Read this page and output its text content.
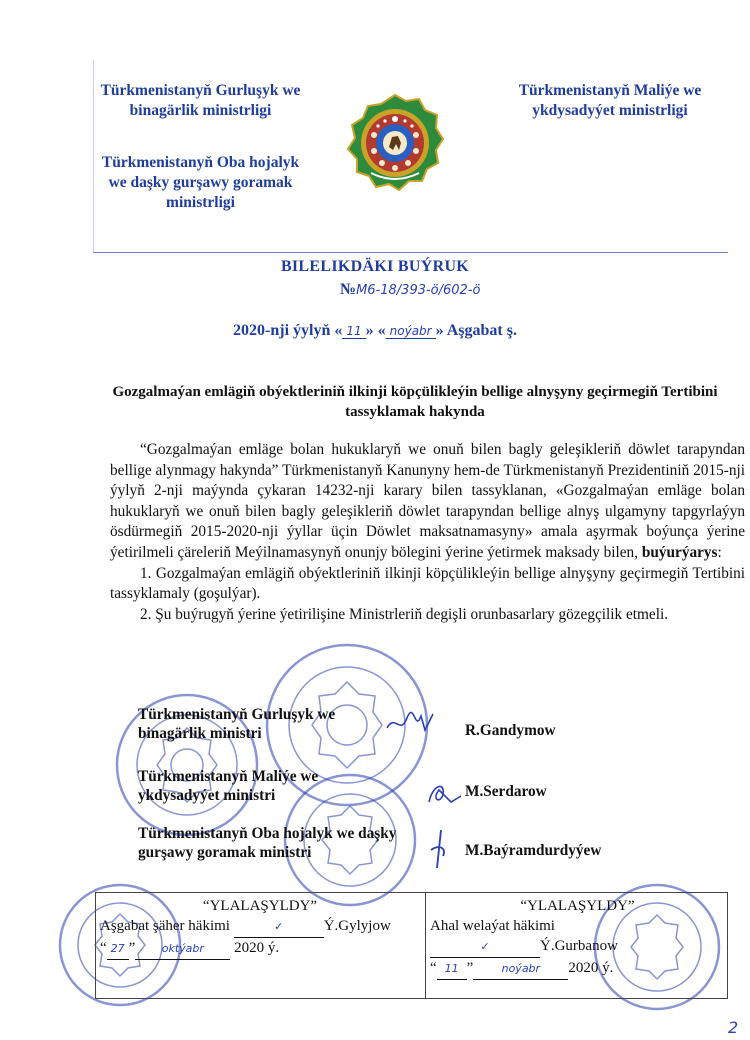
Türkmenistanyň Gurluşyk we binagärlik ministrligi
Türkmenistanyň Oba hojalyk we daşky gurşawy goramak ministrligi
Türkmenistanyň Maliýe we ykdysadyýet ministrligi
BILELIKDÄKI BUÝRUK
№M6-18/393-ö/602-ö
2020-nji ýylyň « 11 » « noýabr » Aşgabat ş.
Gozgalmaýan emlägiň obýektleriniň ilkinji köpçülikleýin bellige alnyşyny geçirmegiň Tertibini tassyklamak hakynda

“Gozgalmaýan emläge bolan hukuklaryň we onuň bilen bagly geleşikleriň döwlet tarapyndan bellige alynmagy hakynda” Türkmenistanyň Kanunyny hem-de Türkmenistanyň Prezidentiniň 2015-nji ýylyň 2-nji maýynda çykaran 14232-nji karary bilen tassyklanan, «Gozgalmaýan emläge bolan hukuklaryň we onuň bilen bagly geleşikleriň döwlet tarapyndan bellige alnyş ulgamyny tapgyrlaýyn ösdürmegiň 2015-2020-nji ýyllar üçin Döwlet maksatnamasyny» amala aşyrmak boýunça ýerine ýetirilmeli çäreleriň Meýilnamasynyň onunjy bölegini ýerine ýetirmek maksady bilen, buýurýarys:

1. Gozgalmaýan emlägiň obýektleriniň ilkinji köpçülikleýin bellige alnyşyny geçirmegiň Tertibini tassyklamaly (goşulýar).

2. Şu buýrugyň ýerine ýetirilişine Ministrleriň degişli orunbasarlary gözegçilik etmeli.

Türkmenistanyň Gurluşyk we
binagärlik ministri	R.Gandymow
Türkmenistanyň Maliýe we
ykdysadyýet ministri	M.Serdarow
Türkmenistanyň Oba hojalyk we daşky
gurşawy goramak ministri	M.Baýramdurdyýew
“YLALAŞYLDY”
Aşgabat şäher häkimi	✓	Ý.Gylyjow
“ 27 ” oktýabr 2020 ý.
“YLALAŞYLDY”
Ahal welaýat häkimi
✓	Ý.Gurbanow
“ 11 ”	noýabr 2020 ý.
2
